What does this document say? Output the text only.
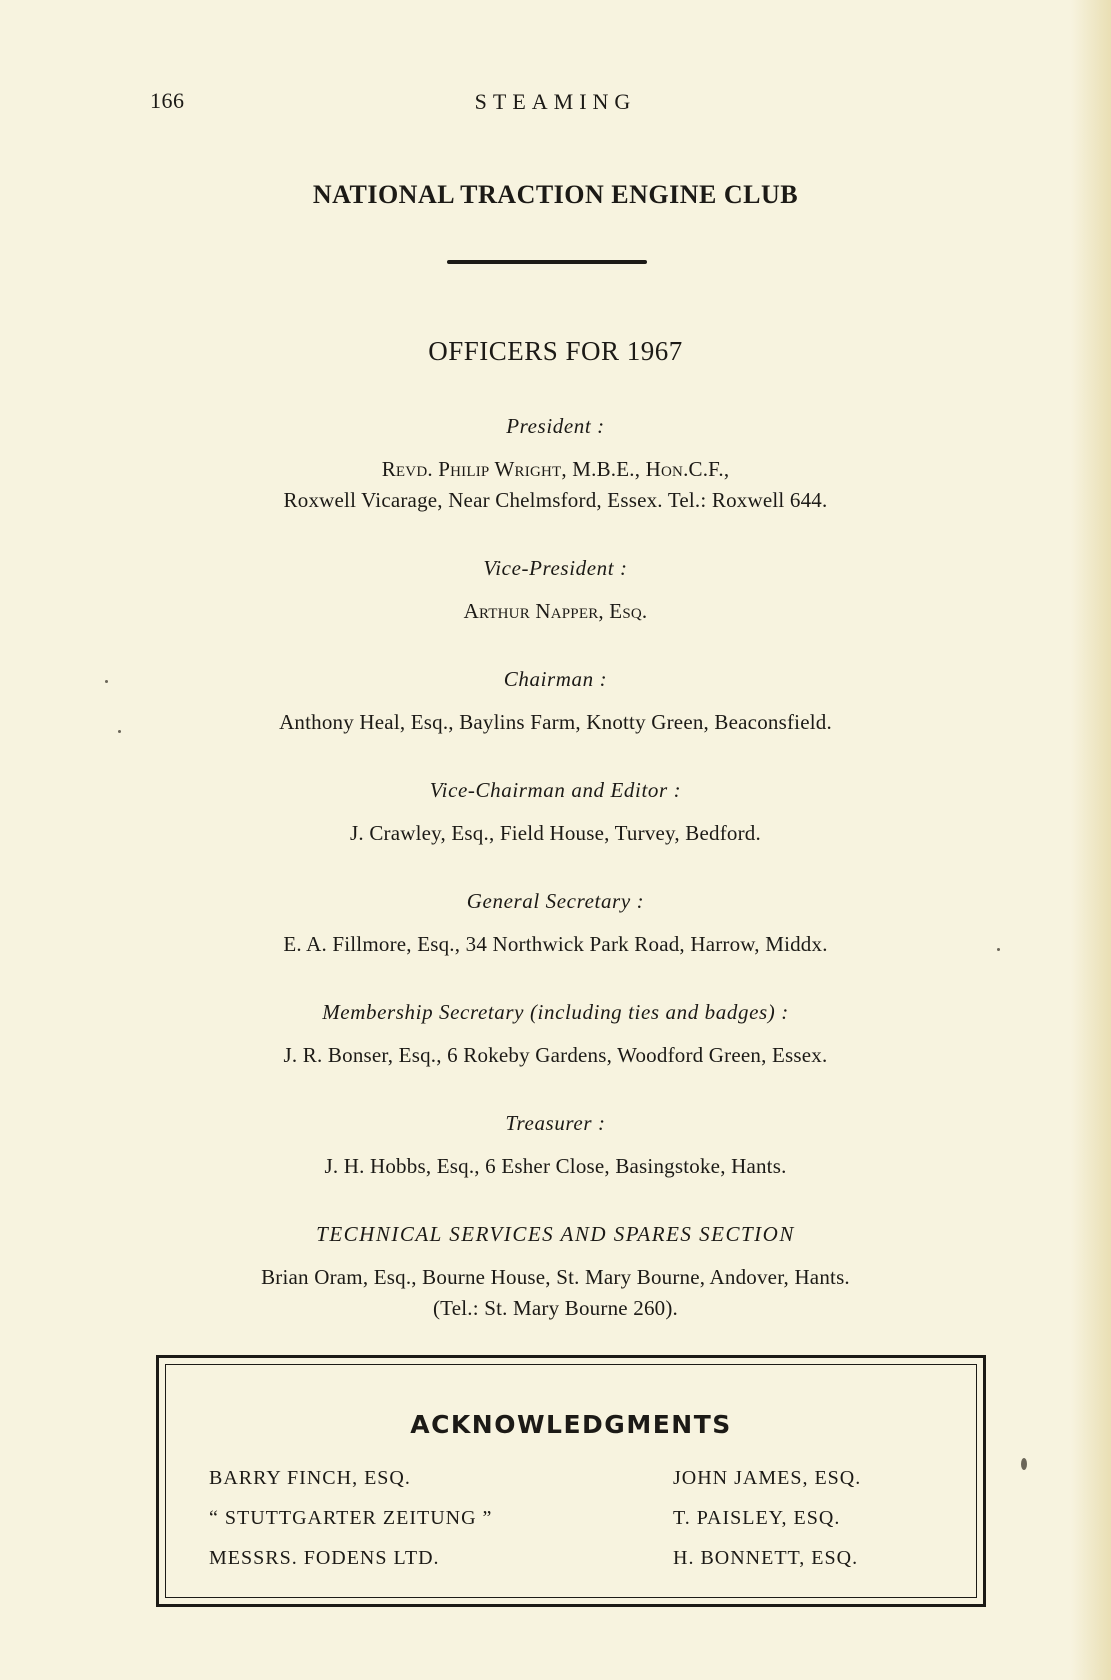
166	STEAMING
NATIONAL TRACTION ENGINE CLUB
OFFICERS FOR 1967

President :

Revd. Philip Wright, M.B.E., Hon.C.F.,

Roxwell Vicarage, Near Chelmsford, Essex. Tel.: Roxwell 644.

Vice-President :

Arthur Napper, Esq.

Chairman :

Anthony Heal, Esq., Baylins Farm, Knotty Green, Beaconsfield.

Vice-Chairman and Editor :

J. Crawley, Esq., Field House, Turvey, Bedford.

General Secretary :

E. A. Fillmore, Esq., 34 Northwick Park Road, Harrow, Middx.

Membership Secretary (including ties and badges) :

J. R. Bonser, Esq., 6 Rokeby Gardens, Woodford Green, Essex.

Treasurer :

J. H. Hobbs, Esq., 6 Esher Close, Basingstoke, Hants.

TECHNICAL SERVICES AND SPARES SECTION

Brian Oram, Esq., Bourne House, St. Mary Bourne, Andover, Hants.

(Tel.: St. Mary Bourne 260).

ACKNOWLEDGMENTS
BARRY FINCH, ESQ.
“ STUTTGARTER ZEITUNG ”
MESSRS. FODENS LTD.
JOHN JAMES, ESQ.
T. PAISLEY, ESQ.
H. BONNETT, ESQ.
